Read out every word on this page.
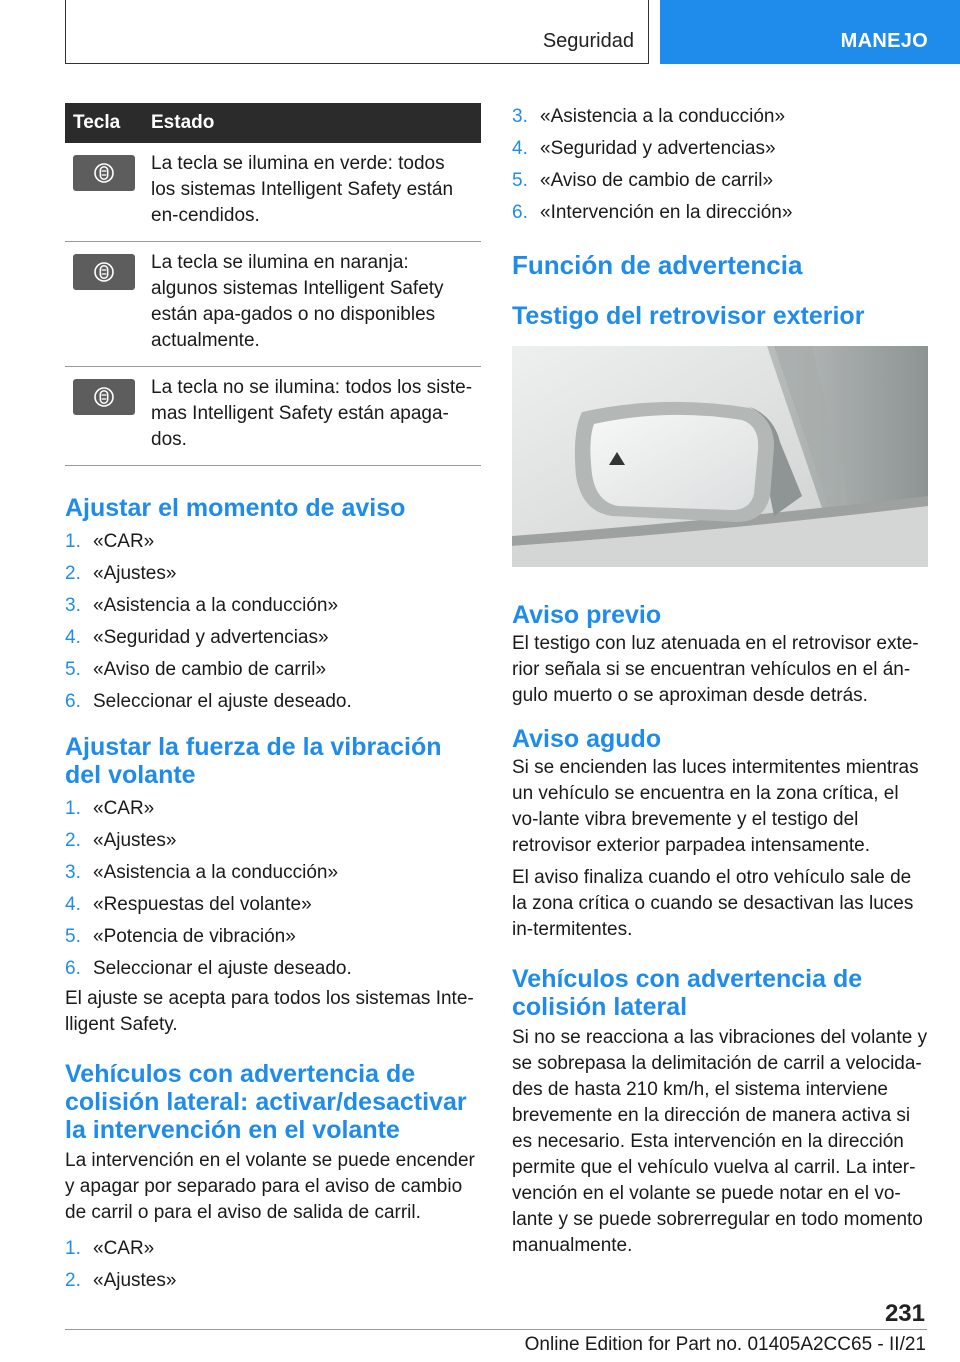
Seguridad	MANEJO
Tecla	Estado

	La tecla se ilumina en verde: todos los sistemas Intelligent Safety están en-cendidos.

	La tecla se ilumina en naranja: algunos sistemas Intelligent Safety están apa-gados o no disponibles actualmente.

	La tecla no se ilumina: todos los siste-mas Intelligent Safety están apaga-dos.
Ajustar el momento de aviso
1. «CAR»
2. «Ajustes»
3. «Asistencia a la conducción»
4. «Seguridad y advertencias»
5. «Aviso de cambio de carril»
6. Seleccionar el ajuste deseado.
Ajustar la fuerza de la vibración del volante
1. «CAR»
2. «Ajustes»
3. «Asistencia a la conducción»
4. «Respuestas del volante»
5. «Potencia de vibración»
6. Seleccionar el ajuste deseado.

El ajuste se acepta para todos los sistemas Inte-lligent Safety.

Vehículos con advertencia de colisión lateral: activar/desactivar la intervención en el volante

La intervención en el volante se puede encender y apagar por separado para el aviso de cambio de carril o para el aviso de salida de carril.

1. «CAR»
2. «Ajustes»
3. «Asistencia a la conducción»
4. «Seguridad y advertencias»
5. «Aviso de cambio de carril»
6. «Intervención en la dirección»
Función de advertencia
Testigo del retrovisor exterior
Aviso previo

El testigo con luz atenuada en el retrovisor exte-rior señala si se encuentran vehículos en el án-gulo muerto o se aproximan desde detrás.

Aviso agudo

Si se encienden las luces intermitentes mientras un vehículo se encuentra en la zona crítica, el vo-lante vibra brevemente y el testigo del retrovisor exterior parpadea intensamente.

El aviso finaliza cuando el otro vehículo sale de la zona crítica o cuando se desactivan las luces in-termitentes.

Vehículos con advertencia de colisión lateral

Si no se reacciona a las vibraciones del volante y se sobrepasa la delimitación de carril a velocida-des de hasta 210 km/h, el sistema interviene brevemente en la dirección de manera activa si es necesario. Esta intervención en la dirección permite que el vehículo vuelva al carril. La inter-vención en el volante se puede notar en el vo-lante y se puede sobrerregular en todo momento manualmente.

231
Online Edition for Part no. 01405A2CC65 - II/21
